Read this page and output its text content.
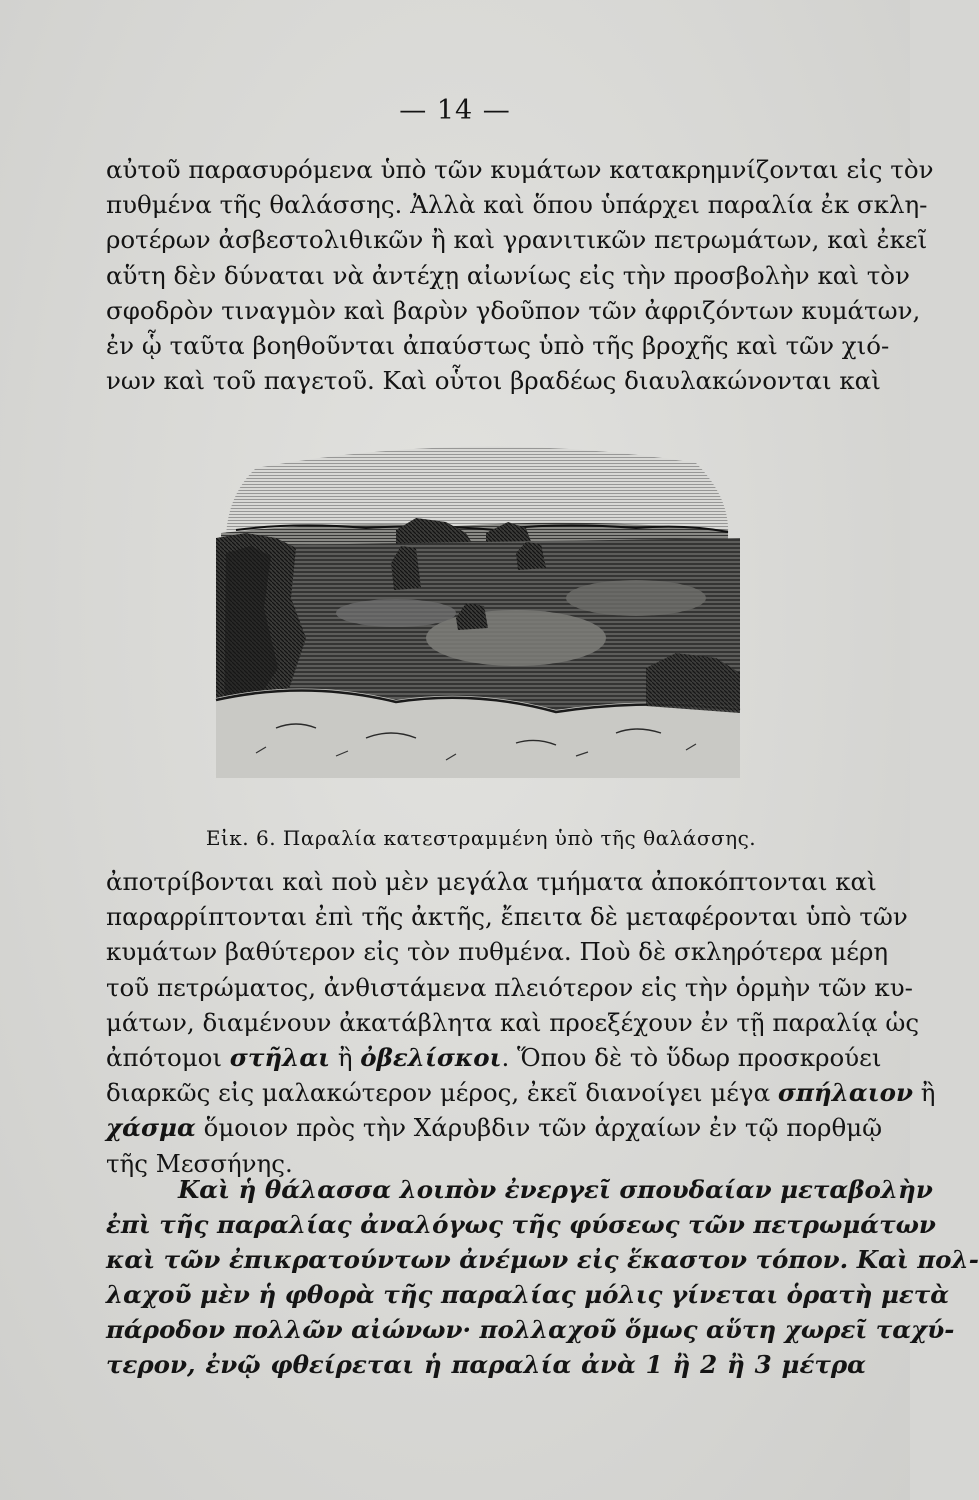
— 14 —
αὐτοῦ παρασυρόμενα ὑπὸ τῶν κυμάτων κατακρημνίζονται εἰς τὸν
πυθμένα τῆς θαλάσσης. Ἀλλὰ καὶ ὅπου ὑπάρχει παραλία ἐκ σκλη-
ροτέρων ἀσβεστολιθικῶν ἢ καὶ γρανιτικῶν πετρωμάτων, καὶ ἐκεῖ
αὕτη δὲν δύναται νὰ ἀντέχῃ αἰωνίως εἰς τὴν προσβολὴν καὶ τὸν
σφοδρὸν τιναγμὸν καὶ βαρὺν γδοῦπον τῶν ἀφριζόντων κυμάτων,
ἐν ᾧ ταῦτα βοηθοῦνται ἀπαύστως ὑπὸ τῆς βροχῆς καὶ τῶν χιό-
νων καὶ τοῦ παγετοῦ. Καὶ οὗτοι βραδέως διαυλακώνονται καὶ
Εἰκ. 6. Παραλία κατεστραμμένη ὑπὸ τῆς θαλάσσης.
ἀποτρίβονται καὶ ποὺ μὲν μεγάλα τμήματα ἀποκόπτονται καὶ
παραρρίπτονται ἐπὶ τῆς ἀκτῆς, ἔπειτα δὲ μεταφέρονται ὑπὸ τῶν
κυμάτων βαθύτερον εἰς τὸν πυθμένα. Ποὺ δὲ σκληρότερα μέρη
τοῦ πετρώματος, ἀνθιστάμενα πλειότερον εἰς τὴν ὁρμὴν τῶν κυ-
μάτων, διαμένουν ἀκατάβλητα καὶ προεξέχουν ἐν τῇ παραλίᾳ ὡς
ἀπότομοι στῆλαι ἢ ὀβελίσκοι. Ὅπου δὲ τὸ ὕδωρ προσκρούει
διαρκῶς εἰς μαλακώτερον μέρος, ἐκεῖ διανοίγει μέγα σπήλαιον ἢ
χάσμα ὅμοιον πρὸς τὴν Χάρυβδιν τῶν ἀρχαίων ἐν τῷ πορθμῷ
τῆς Μεσσήνης.
Καὶ ἡ θάλασσα λοιπὸν ἐνεργεῖ σπουδαίαν μεταβολὴν
ἐπὶ τῆς παραλίας ἀναλόγως τῆς φύσεως τῶν πετρωμάτων
καὶ τῶν ἐπικρατούντων ἀνέμων εἰς ἕκαστον τόπον. Καὶ πολ-
λαχοῦ μὲν ἡ φθορὰ τῆς παραλίας μόλις γίνεται ὁρατὴ μετὰ
πάροδον πολλῶν αἰώνων· πολλαχοῦ ὅμως αὕτη χωρεῖ ταχύ-
τερον, ἐνῷ φθείρεται ἡ παραλία ἀνὰ 1 ἢ 2 ἢ 3 μέτρα
